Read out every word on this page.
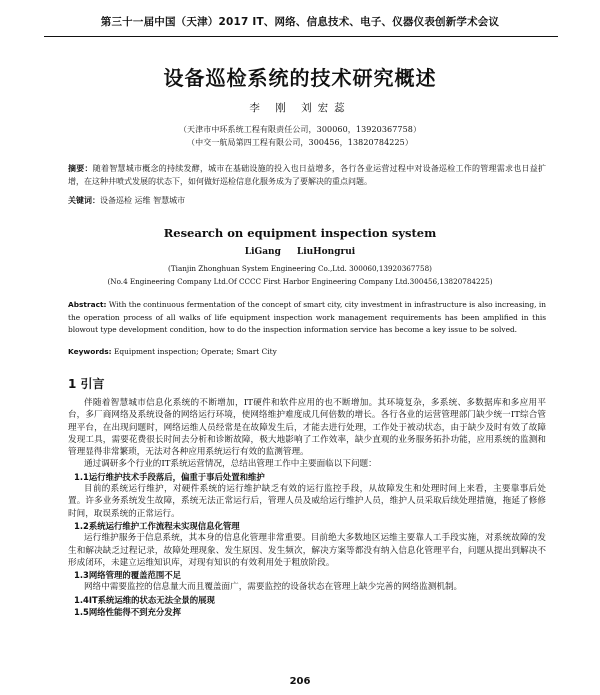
第三十一届中国（天津）2017 IT、网络、信息技术、电子、仪器仪表创新学术会议
设备巡检系统的技术研究概述
李 刚 刘宏蕊
（天津市中环系统工程有限责任公司，300060，13920367758）
（中交一航局第四工程有限公司，300456，13820784225）
摘要：随着智慧城市概念的持续发酵，城市在基础设施的投入也日益增多，各行各业运营过程中对设备巡检工作的管理需求也日益扩增，在这种井喷式发展的状态下，如何做好巡检信息化服务成为了要解决的重点问题。
关键词：设备巡检 运维 智慧城市
Research on equipment inspection system
LiGang LiuHongrui
(Tianjin Zhonghuan System Engineering Co.,Ltd. 300060,13920367758)
(No.4 Engineering Company Ltd.Of CCCC First Harbor Engineering Company Ltd.300456,13820784225)
Abstract: With the continuous fermentation of the concept of smart city, city investment in infrastructure is also increasing, in the operation process of all walks of life equipment inspection work management requirements has been amplified in this blowout type development condition, how to do the inspection information service has become a key issue to be solved.
Keywords: Equipment inspection; Operate; Smart City
1 引言

伴随着智慧城市信息化系统的不断增加，IT硬件和软件应用的也不断增加。其环境复杂，多系统、多数据库和多应用平台，多厂商网络及系统设备的网络运行环境，使网络维护难度成几何倍数的增长。各行各业的运营管理部门缺少统一IT综合管理平台，在出现问题时，网络运维人员经常是在故障发生后，才能去进行处理，工作处于被动状态，由于缺少及时有效了故障发现工具，需要花费很长时间去分析和诊断故障，极大地影响了工作效率，缺少直观的业务服务拓扑功能，应用系统的监测和管理显得非常繁琐，无法对各种应用系统运行有效的监测管理。

通过调研多个行业的IT系统运营情况，总结出管理工作中主要面临以下问题：

1.1运行维护技术手段落后，偏重于事后处置和维护

目前的系统运行维护，对硬件系统的运行维护缺乏有效的运行监控手段，从故障发生和处理时间上来看，主要靠事后处置。许多业务系统发生故障，系统无法正常运行后，管理人员及威给运行维护人员，维护人员采取后续处理措施，拖延了修修时间，取误系统的正常运行。

1.2系统运行维护工作流程未实现信息化管理

运行维护服务于信息系统，其本身的信息化管理非常重要。目前绝大多数地区运维主要靠人工手段实施，对系统故障的发生和解决缺乏过程记录，故障处理现象、发生原因、发生频次，解决方案等都没有纳入信息化管理平台，问题从提出到解决不形成闭环，未建立运维知识库，对现有知识的有效利用处于粗放阶段。

1.3网络管理的覆盖范围不足

网络中需要监控的信息量大而且覆盖面广，需要监控的设备状态在管理上缺少完善的网络监测机制。

1.4IT系统运维的状态无法全景的展现

1.5网络性能得不到充分发挥

206
